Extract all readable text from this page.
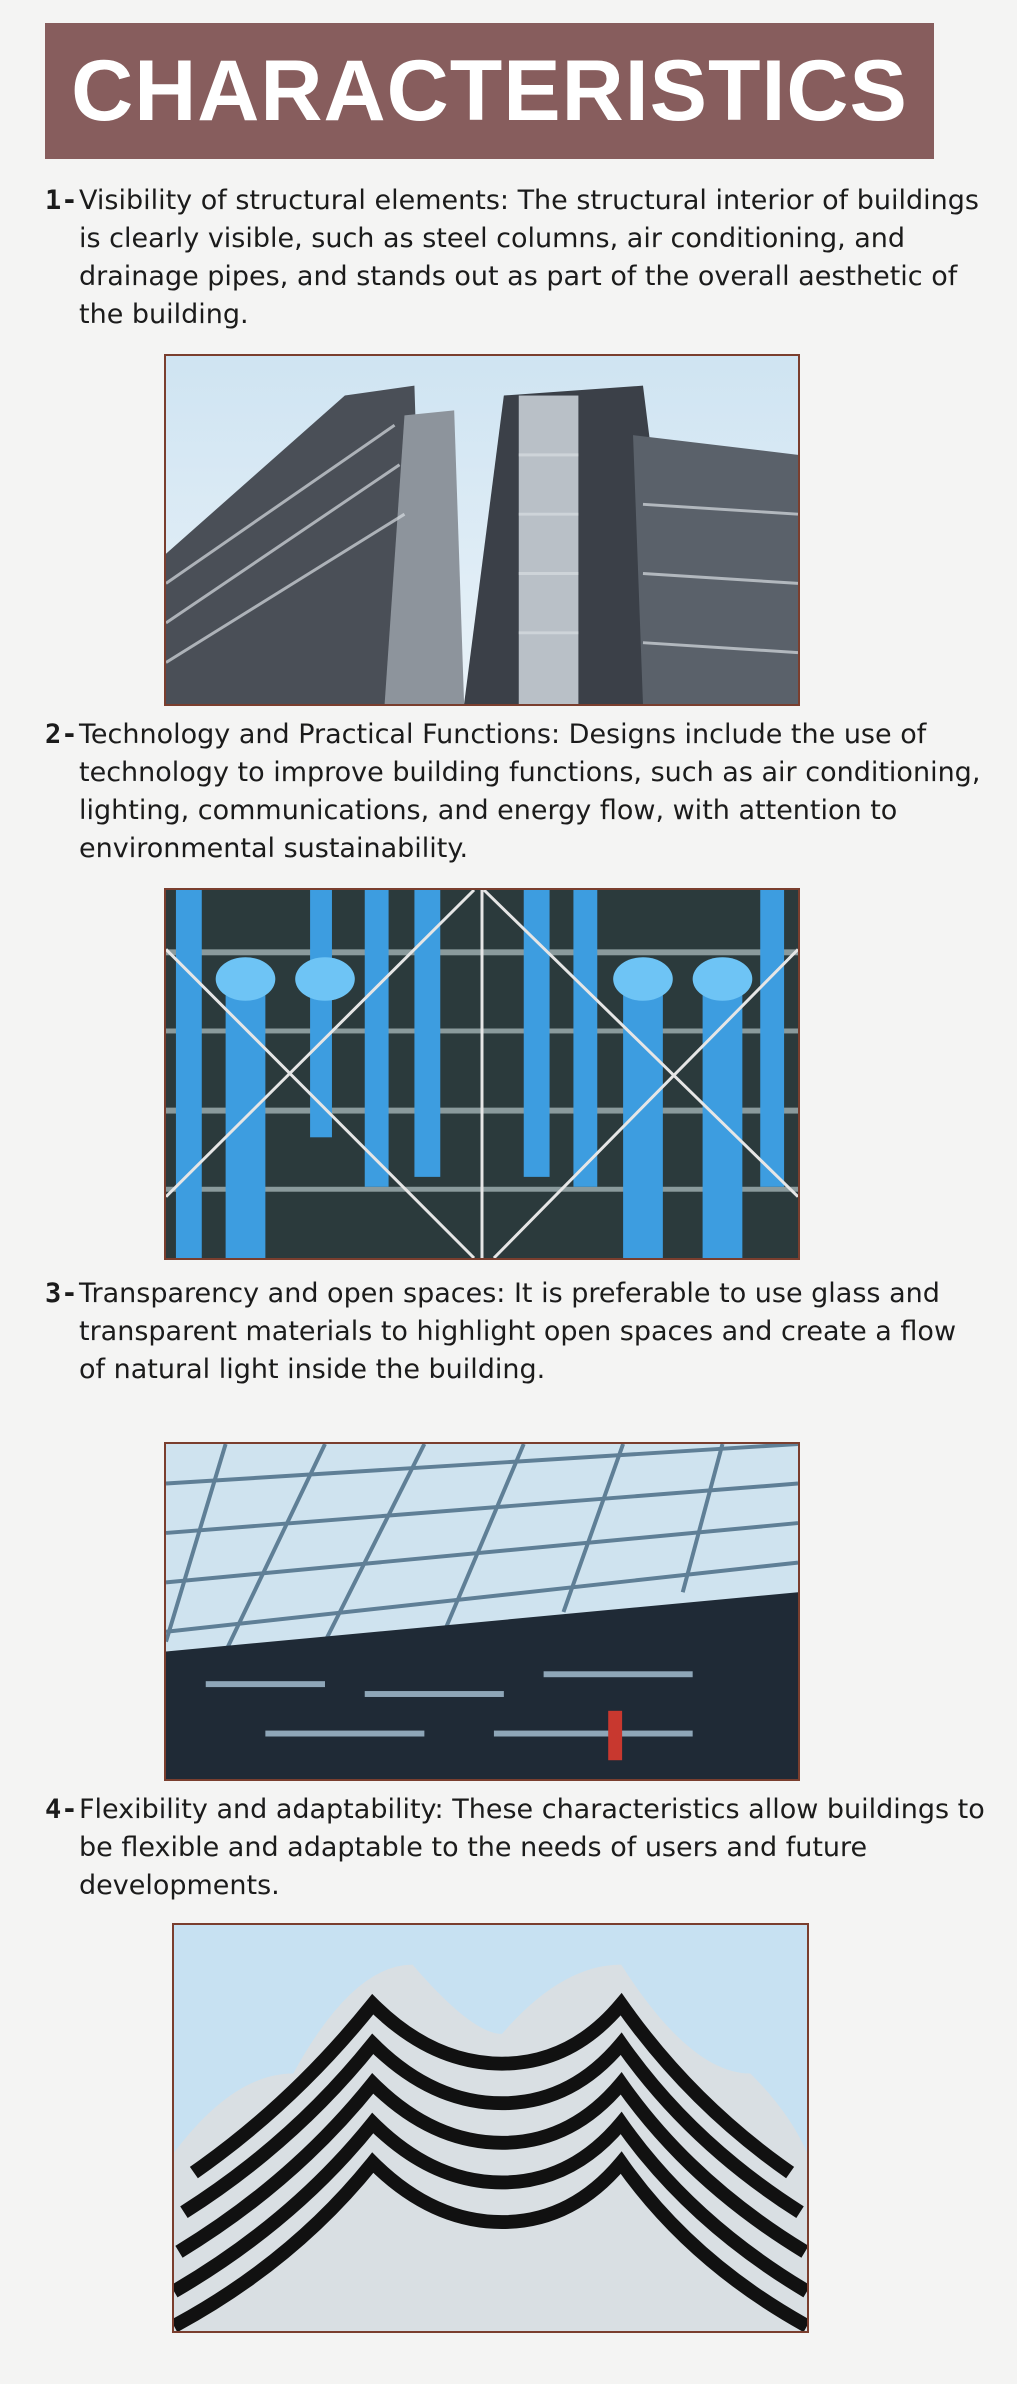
CHARACTERISTICS
1- Visibility of structural elements: The structural interior of buildings is clearly visible, such as steel columns, air conditioning, and drainage pipes, and stands out as part of the overall aesthetic of the building.
2- Technology and Practical Functions: Designs include the use of technology to improve building functions, such as air conditioning, lighting, communications, and energy flow, with attention to environmental sustainability.
3- Transparency and open spaces: It is preferable to use glass and transparent materials to highlight open spaces and create a flow of natural light inside the building.
4- Flexibility and adaptability: These characteristics allow buildings to be flexible and adaptable to the needs of users and future developments.
